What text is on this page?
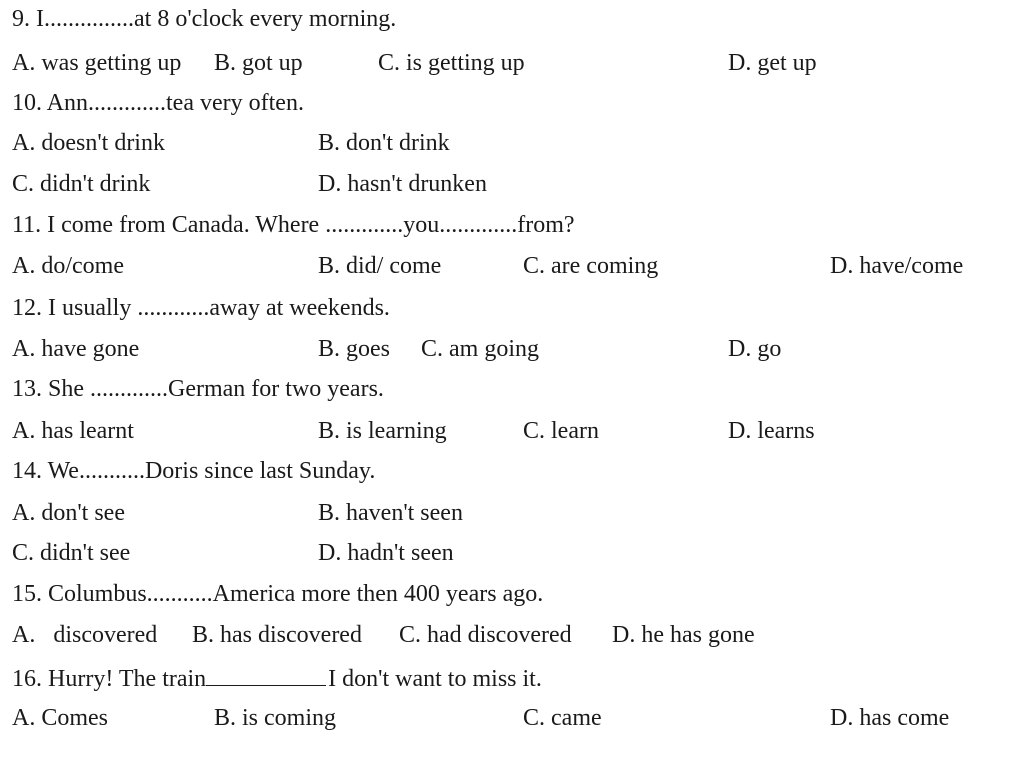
9. I...............at 8 o'clock every morning.
A. was getting up B. got up	C. is getting up	D. get up
10. Ann.............tea very often.
A. doesn't drink	B. don't drink
C. didn't drink	D. hasn't drunken
11. I come from Canada. Where .............you.............from?
A. do/come	B. did/ come	C. are coming	D. have/come
12. I usually ............away at weekends.
A. have gone	B. goes C. am going	D. go
13. She .............German for two years.
A. has learnt	B. is learning	C. learn	D. learns
14. We...........Doris since last Sunday.
A. don't see	B. haven't seen
C. didn't see	D. hadn't seen
15. Columbus...........America more then 400 years ago.
A.   discovered B. has discovered C. had discovered D. he has gone
16. Hurry! The train	I don't want to miss it.
A. Comes	B. is coming	C. came	D. has come
